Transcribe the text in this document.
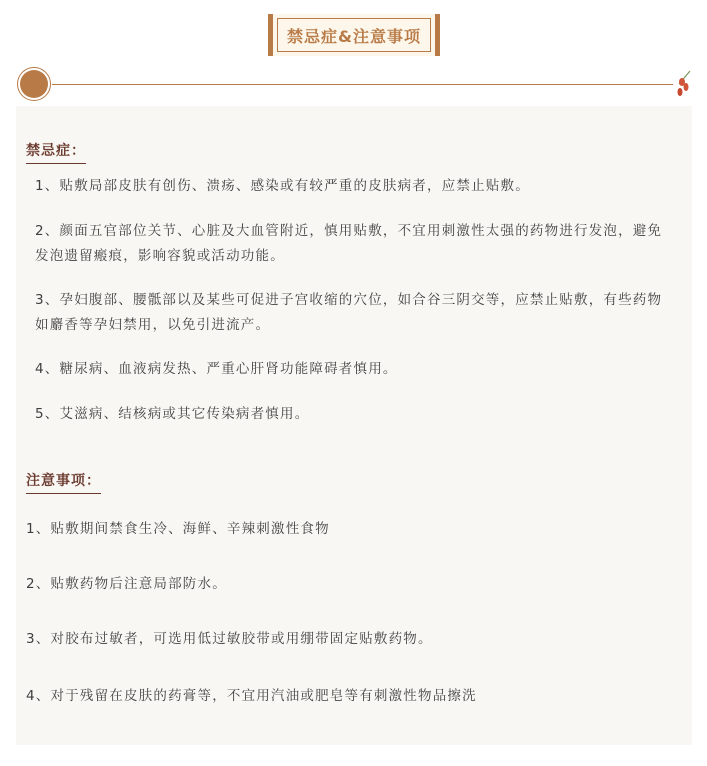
禁忌症&注意事项
禁忌症：
1、贴敷局部皮肤有创伤、溃疡、感染或有较严重的皮肤病者，应禁止贴敷。
2、颜面五官部位关节、心脏及大血管附近，慎用贴敷，不宜用刺激性太强的药物进行发泡，避免发泡遗留瘢痕，影响容貌或活动功能。
3、孕妇腹部、腰骶部以及某些可促进子宫收缩的穴位，如合谷三阴交等，应禁止贴敷，有些药物如麝香等孕妇禁用，以免引进流产。
4、糖尿病、血液病发热、严重心肝肾功能障碍者慎用。
5、艾滋病、结核病或其它传染病者慎用。
注意事项：
1、贴敷期间禁食生冷、海鲜、辛辣刺激性食物
2、贴敷药物后注意局部防水。
3、对胶布过敏者，可选用低过敏胶带或用绷带固定贴敷药物。
4、对于残留在皮肤的药膏等，不宜用汽油或肥皂等有刺激性物品擦洗
